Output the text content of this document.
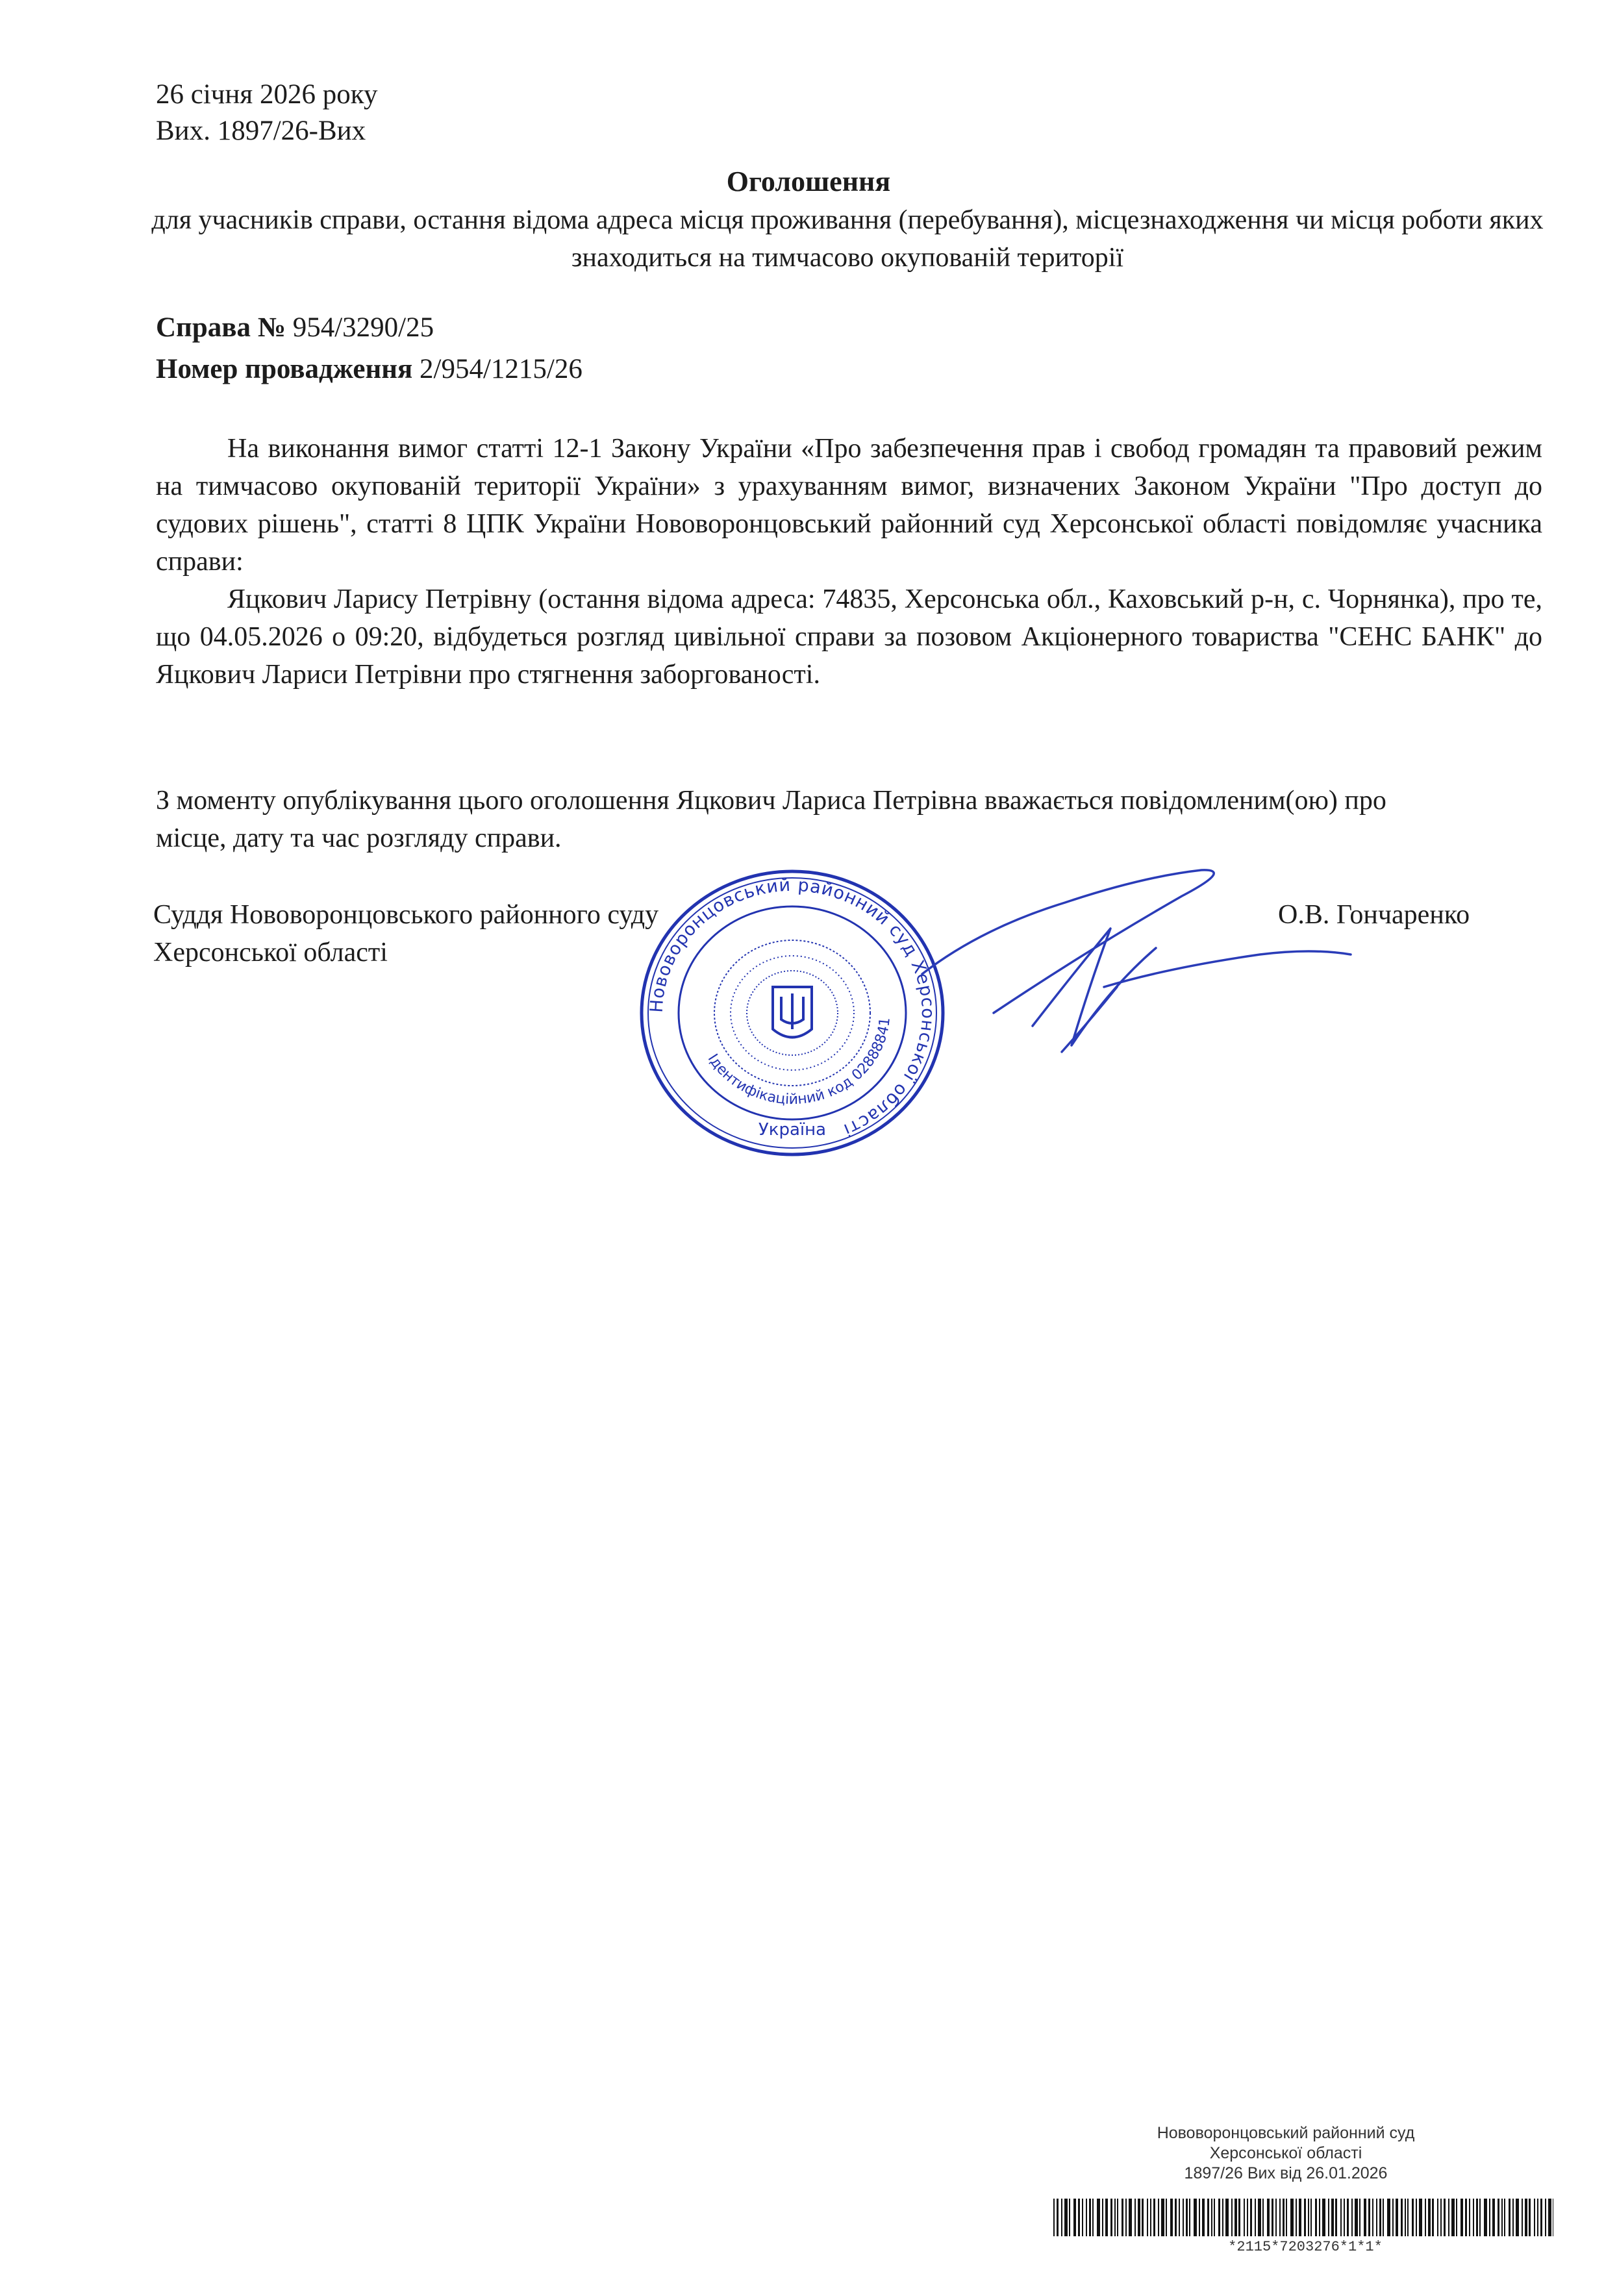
26 січня 2026 року
Вих. 1897/26-Вих
Оголошення
для учасників справи, остання відома адреса місця проживання (перебування), місцезнаходження чи місця роботи яких знаходиться на тимчасово окупованій території
Справа № 954/3290/25
Номер провадження 2/954/1215/26
На виконання вимог статті 12-1 Закону України «Про забезпечення прав і свобод громадян та правовий режим на тимчасово окупованій території України» з урахуванням вимог, визначених Законом України "Про доступ до судових рішень", статті 8 ЦПК України Нововоронцовський районний суд Херсонської області повідомляє учасника справи:
Яцкович Ларису Петрівну (остання відома адреса: 74835, Херсонська обл., Каховський р-н, с. Чорнянка), про те, що 04.05.2026 о 09:20, відбудеться розгляд цивільної справи за позовом Акціонерного товариства "СЕНС БАНК" до Яцкович Лариси Петрівни про стягнення заборгованості.
З моменту опублікування цього оголошення Яцкович Лариса Петрівна вважається повідомленим(ою) про місце, дату та час розгляду справи.
Суддя Нововоронцовського районного суду
Херсонської області
О.В. Гончаренко
Нововоронцовський районний суд Херсонської області
Ідентифікаційний код 02888841
Україна
Нововоронцовський районний суд
Херсонської області
1897/26 Вих від 26.01.2026
*2115*7203276*1*1*
